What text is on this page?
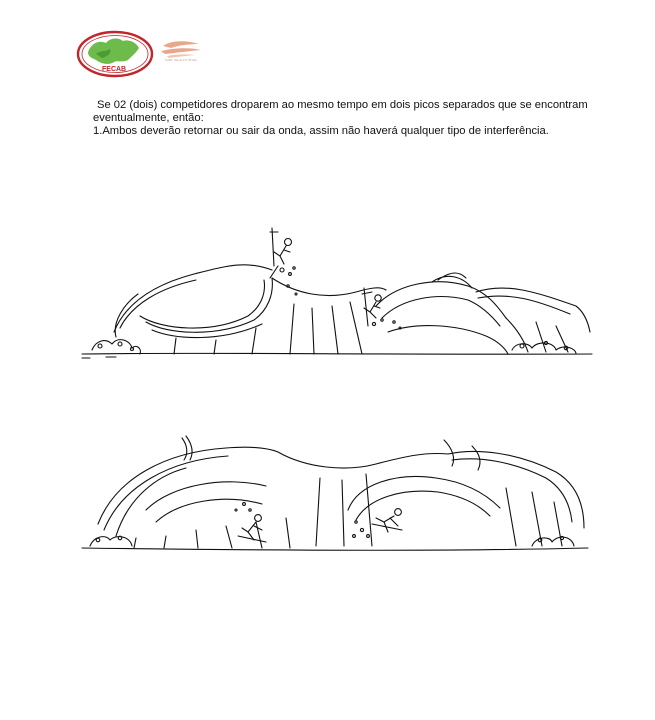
FECAB
SURF DE ALTO NÍVEL

Se 02 (dois) competidores droparem ao mesmo tempo em dois picos separados que se encontram eventualmente, então:

1.Ambos deverão retornar ou sair da onda, assim não haverá qualquer tipo de interferência.
